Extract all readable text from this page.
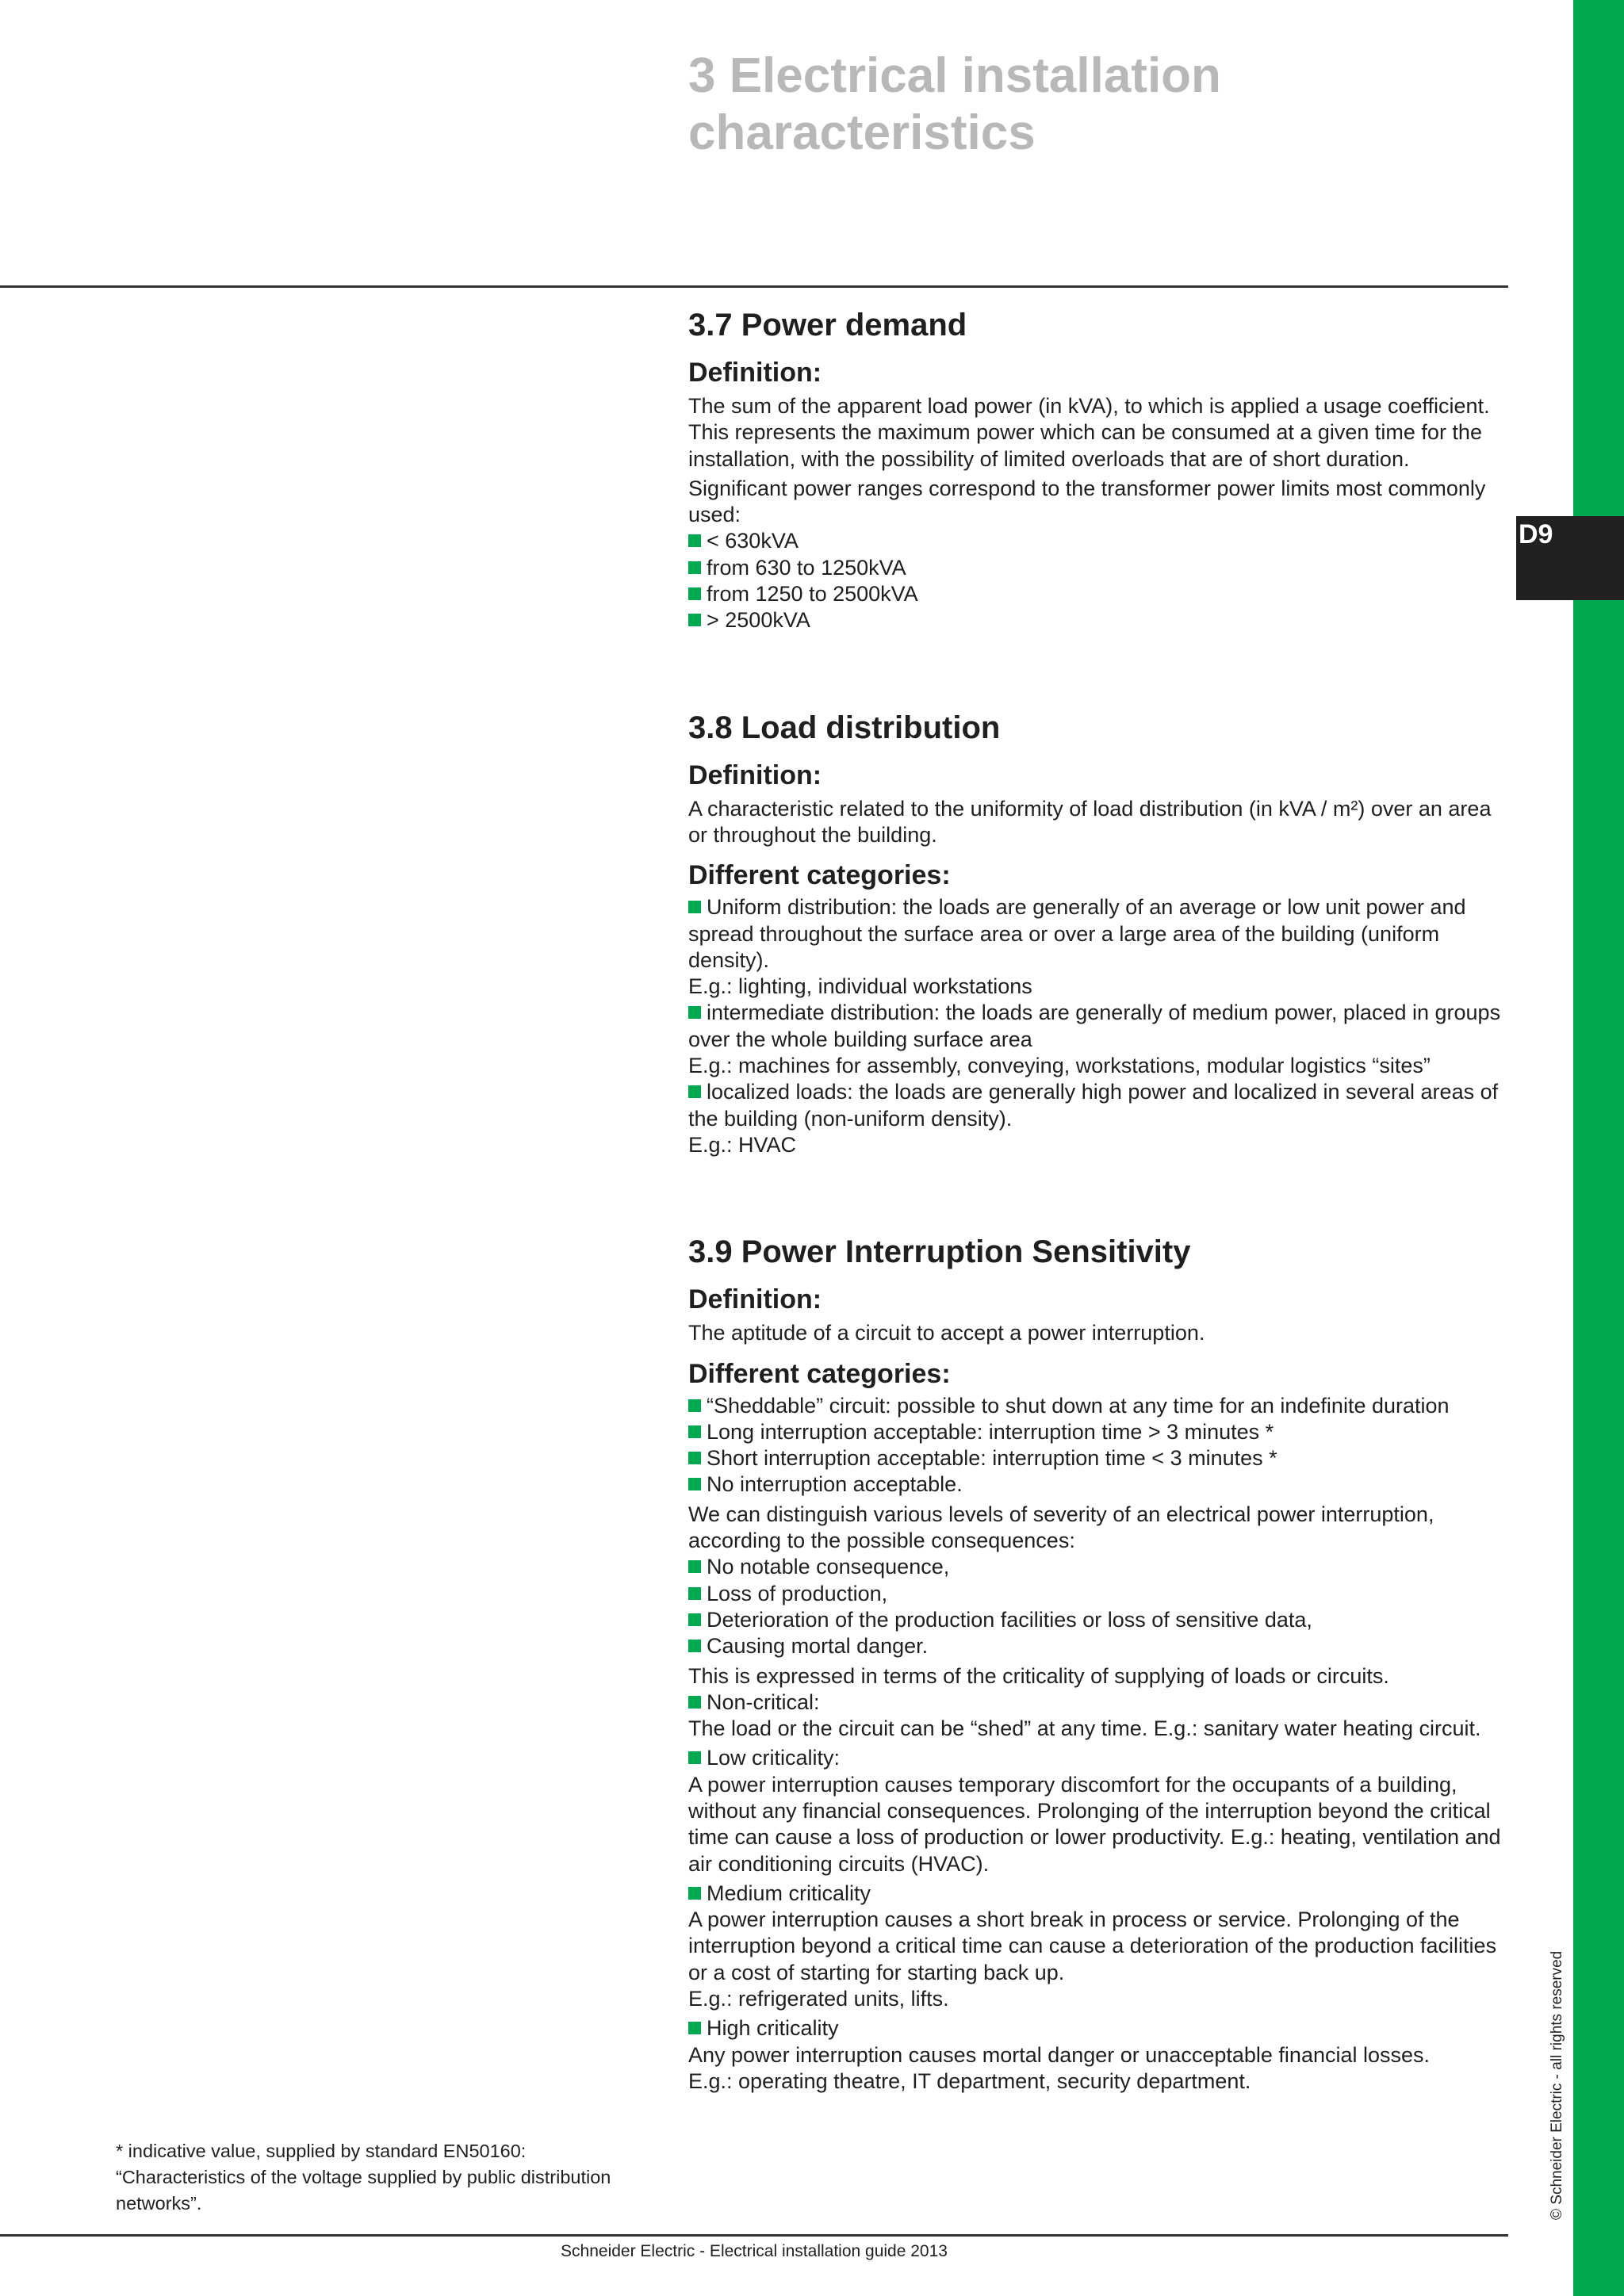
D9
3 Electrical installation characteristics
3.7 Power demand
Definition:

The sum of the apparent load power (in kVA), to which is applied a usage coefficient. This represents the maximum power which can be consumed at a given time for the installation, with the possibility of limited overloads that are of short duration.

Significant power ranges correspond to the transformer power limits most commonly used:

< 630kVA
from 630 to 1250kVA
from 1250 to 2500kVA
> 2500kVA
3.8 Load distribution
Definition:

A characteristic related to the uniformity of load distribution (in kVA / m²) over an area or throughout the building.

Different categories:
Uniform distribution: the loads are generally of an average or low unit power and spread throughout the surface area or over a large area of the building (uniform density).

E.g.: lighting, individual workstations

intermediate distribution: the loads are generally of medium power, placed in groups over the whole building surface area

E.g.: machines for assembly, conveying, workstations, modular logistics “sites”

localized loads: the loads are generally high power and localized in several areas of the building (non-uniform density).

E.g.: HVAC

3.9 Power Interruption Sensitivity
Definition:

The aptitude of a circuit to accept a power interruption.

Different categories:
“Sheddable” circuit: possible to shut down at any time for an indefinite duration
Long interruption acceptable: interruption time > 3 minutes *
Short interruption acceptable: interruption time < 3 minutes *
No interruption acceptable.

We can distinguish various levels of severity of an electrical power interruption, according to the possible consequences:

No notable consequence,
Loss of production,
Deterioration of the production facilities or loss of sensitive data,
Causing mortal danger.

This is expressed in terms of the criticality of supplying of loads or circuits.

Non-critical:

The load or the circuit can be “shed” at any time. E.g.: sanitary water heating circuit.

Low criticality:

A power interruption causes temporary discomfort for the occupants of a building, without any financial consequences. Prolonging of the interruption beyond the critical time can cause a loss of production or lower productivity. E.g.: heating, ventilation and air conditioning circuits (HVAC).

Medium criticality

A power interruption causes a short break in process or service. Prolonging of the interruption beyond a critical time can cause a deterioration of the production facilities or a cost of starting for starting back up.

E.g.: refrigerated units, lifts.

High criticality

Any power interruption causes mortal danger or unacceptable financial losses.

E.g.: operating theatre, IT department, security department.

* indicative value, supplied by standard EN50160: “Characteristics of the voltage supplied by public distribution networks”.
Schneider Electric - Electrical installation guide 2013
© Schneider Electric - all rights reserved
